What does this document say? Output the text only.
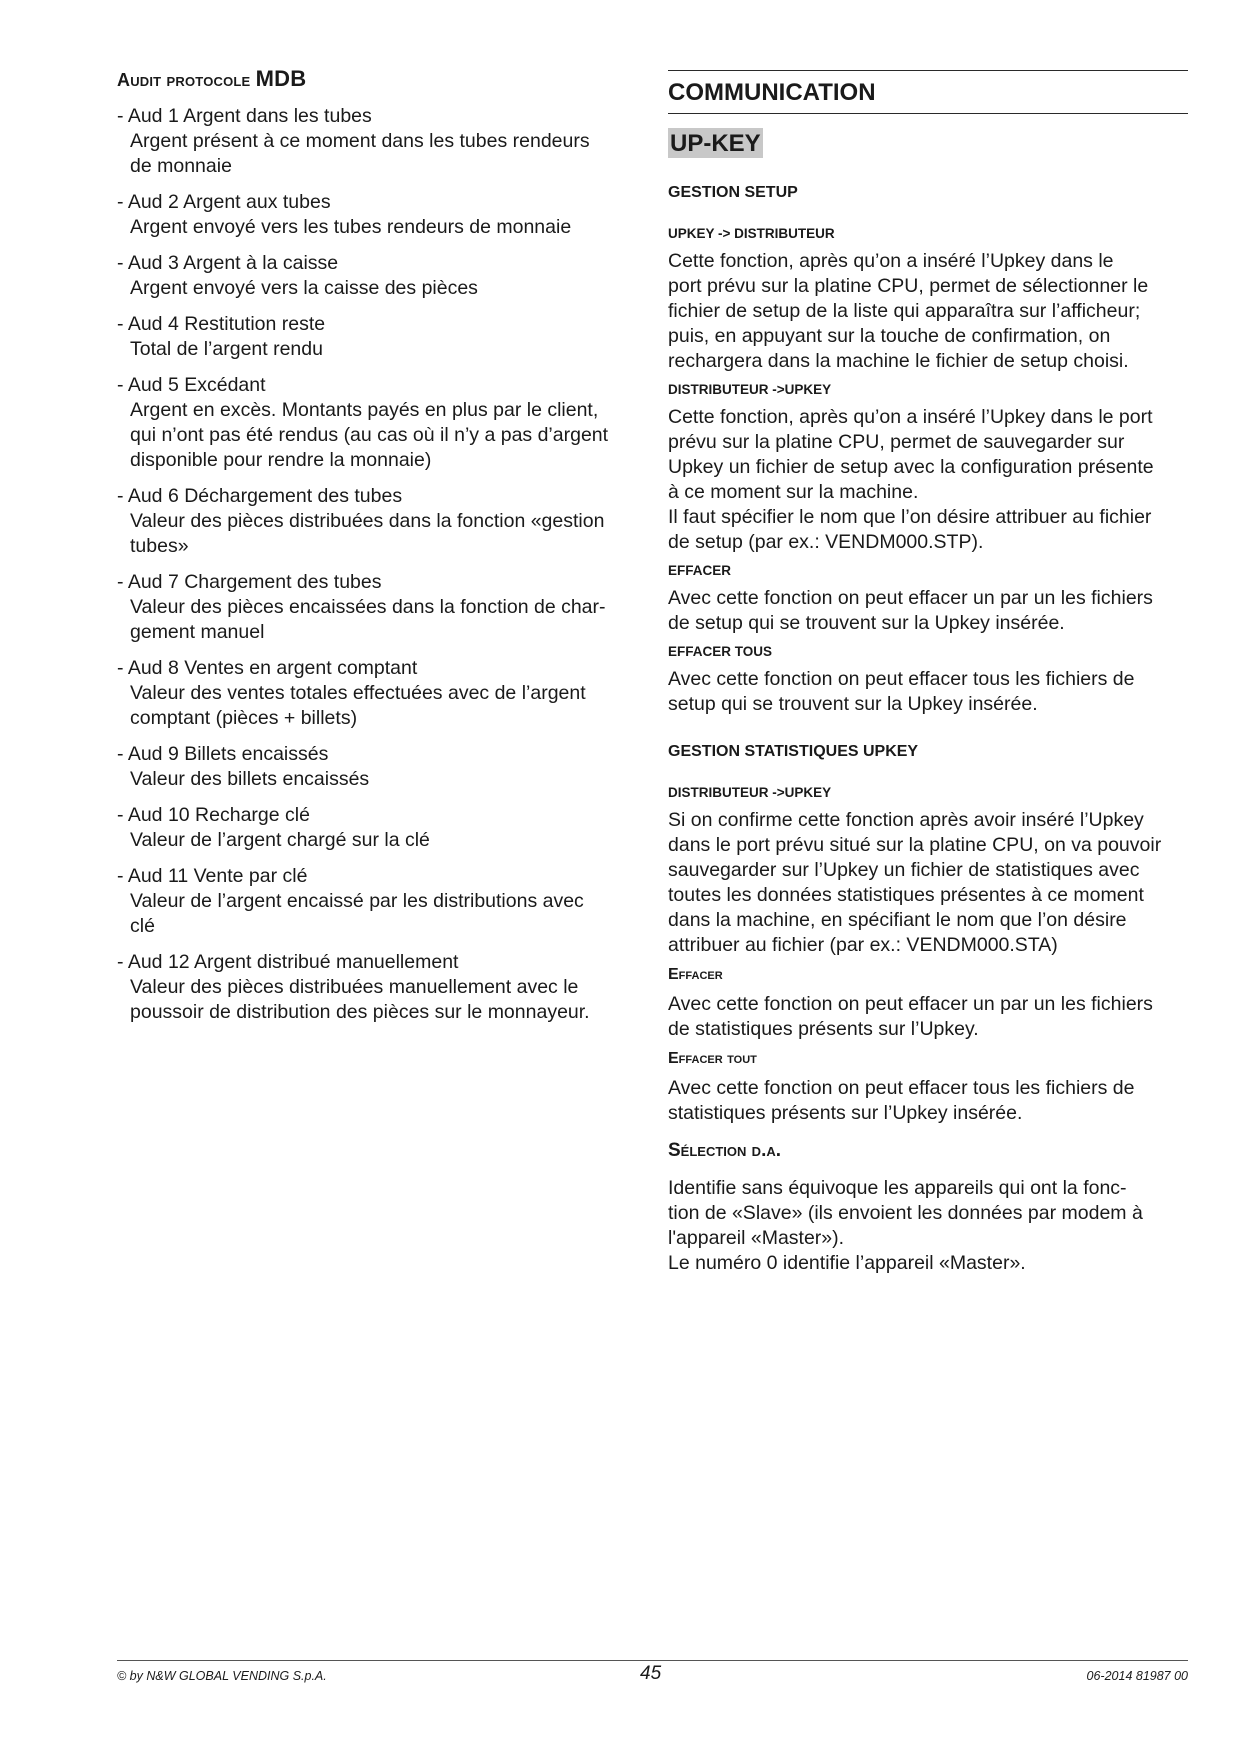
Audit protocole MDB
- Aud 1 Argent dans les tubes
Argent présent à ce moment dans les tubes rendeurs
de monnaie
- Aud 2 Argent aux tubes
Argent envoyé vers les tubes rendeurs de monnaie
- Aud 3 Argent à la caisse
Argent envoyé vers la caisse des pièces
- Aud 4 Restitution reste
Total de l’argent rendu
- Aud 5 Excédant
Argent en excès. Montants payés en plus par le client,
qui n’ont pas été rendus (au cas où il n’y a pas d’argent
disponible pour rendre la monnaie)
- Aud 6 Déchargement des tubes
Valeur des pièces distribuées dans la fonction «gestion
tubes»
- Aud 7 Chargement des tubes
Valeur des pièces encaissées dans la fonction de char-
gement manuel
- Aud 8 Ventes en argent comptant
Valeur des ventes totales effectuées avec de l’argent
comptant (pièces + billets)
- Aud 9 Billets encaissés
Valeur des billets encaissés
- Aud 10 Recharge clé
Valeur de l’argent chargé sur la clé
- Aud 11 Vente par clé
Valeur de l’argent encaissé par les distributions avec
clé
- Aud 12 Argent distribué manuellement
Valeur des pièces distribuées manuellement avec le
poussoir de distribution des pièces sur le monnayeur.
COMMUNICATION
UP-KEY
GESTION SETUP
UPKEY -> DISTRIBUTEUR
Cette fonction, après qu’on a inséré l’Upkey dans le
port prévu sur la platine CPU, permet de sélectionner le
fichier de setup de la liste qui apparaîtra sur l’afficheur;
puis, en appuyant sur la touche de confirmation, on
rechargera dans la machine le fichier de setup choisi.
DISTRIBUTEUR ->UPKEY
Cette fonction, après qu’on a inséré l’Upkey dans le port
prévu sur la platine CPU, permet de sauvegarder sur
Upkey un fichier de setup avec la configuration présente
à ce moment sur la machine.
Il faut spécifier le nom que l’on désire attribuer au fichier
de setup (par ex.: VENDM000.STP).
EFFACER
Avec cette fonction on peut effacer un par un les fichiers
de setup qui se trouvent sur la Upkey insérée.
EFFACER TOUS
Avec cette fonction on peut effacer tous les fichiers de
setup qui se trouvent sur la Upkey insérée.
GESTION STATISTIQUES UPKEY
DISTRIBUTEUR ->UPKEY
Si on confirme cette fonction après avoir inséré l’Upkey
dans le port prévu situé sur la platine CPU, on va pouvoir
sauvegarder sur l’Upkey un fichier de statistiques avec
toutes les données statistiques présentes à ce moment
dans la machine, en spécifiant le nom que l’on désire
attribuer au fichier (par ex.: VENDM000.STA)
Effacer
Avec cette fonction on peut effacer un par un les fichiers
de statistiques présents sur l’Upkey.
Effacer tout
Avec cette fonction on peut effacer tous les fichiers de
statistiques présents sur l’Upkey insérée.
Sélection d.a.
Identifie sans équivoque les appareils qui ont la fonc-
tion de «Slave» (ils envoient les données par modem à
l'appareil «Master»).
Le numéro 0 identifie l’appareil «Master».
© by N&W GLOBAL VENDING S.p.A.	45	06-2014 81987 00
